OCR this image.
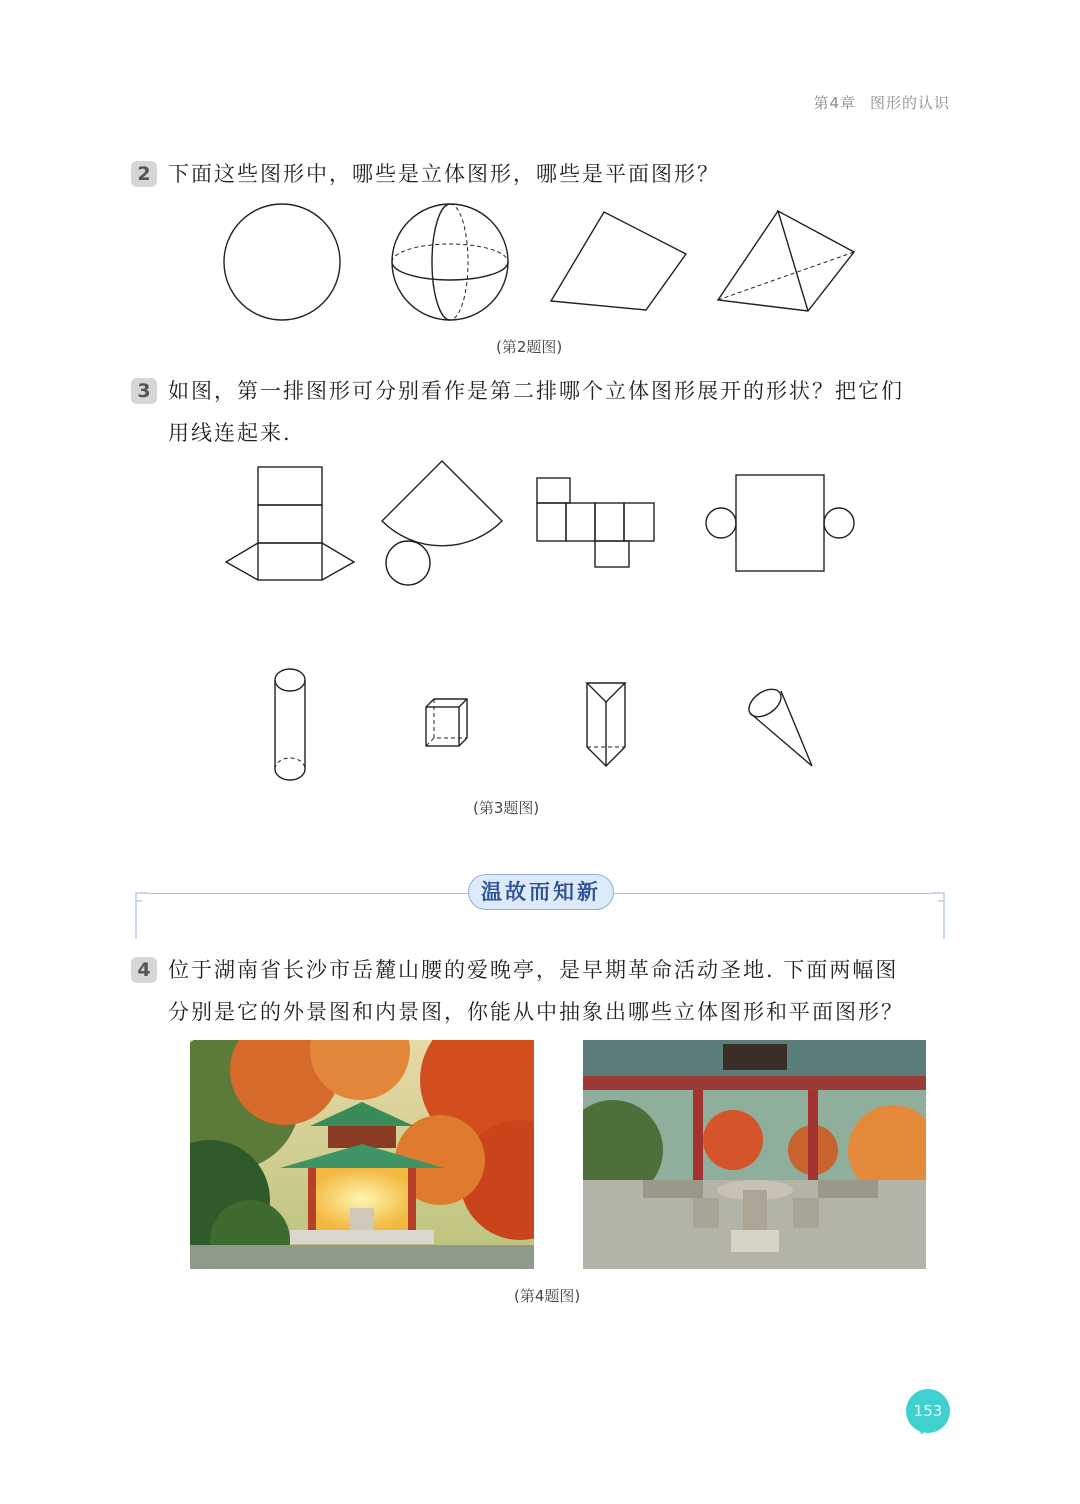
第4章 图形的认识
2 下面这些图形中，哪些是立体图形，哪些是平面图形？
(第2题图)
3 如图，第一排图形可分别看作是第二排哪个立体图形展开的形状？把它们
用线连起来.
(第3题图)
温故而知新
4 位于湖南省长沙市岳麓山腰的爱晚亭，是早期革命活动圣地. 下面两幅图
分别是它的外景图和内景图，你能从中抽象出哪些立体图形和平面图形？
(第4题图)
153
